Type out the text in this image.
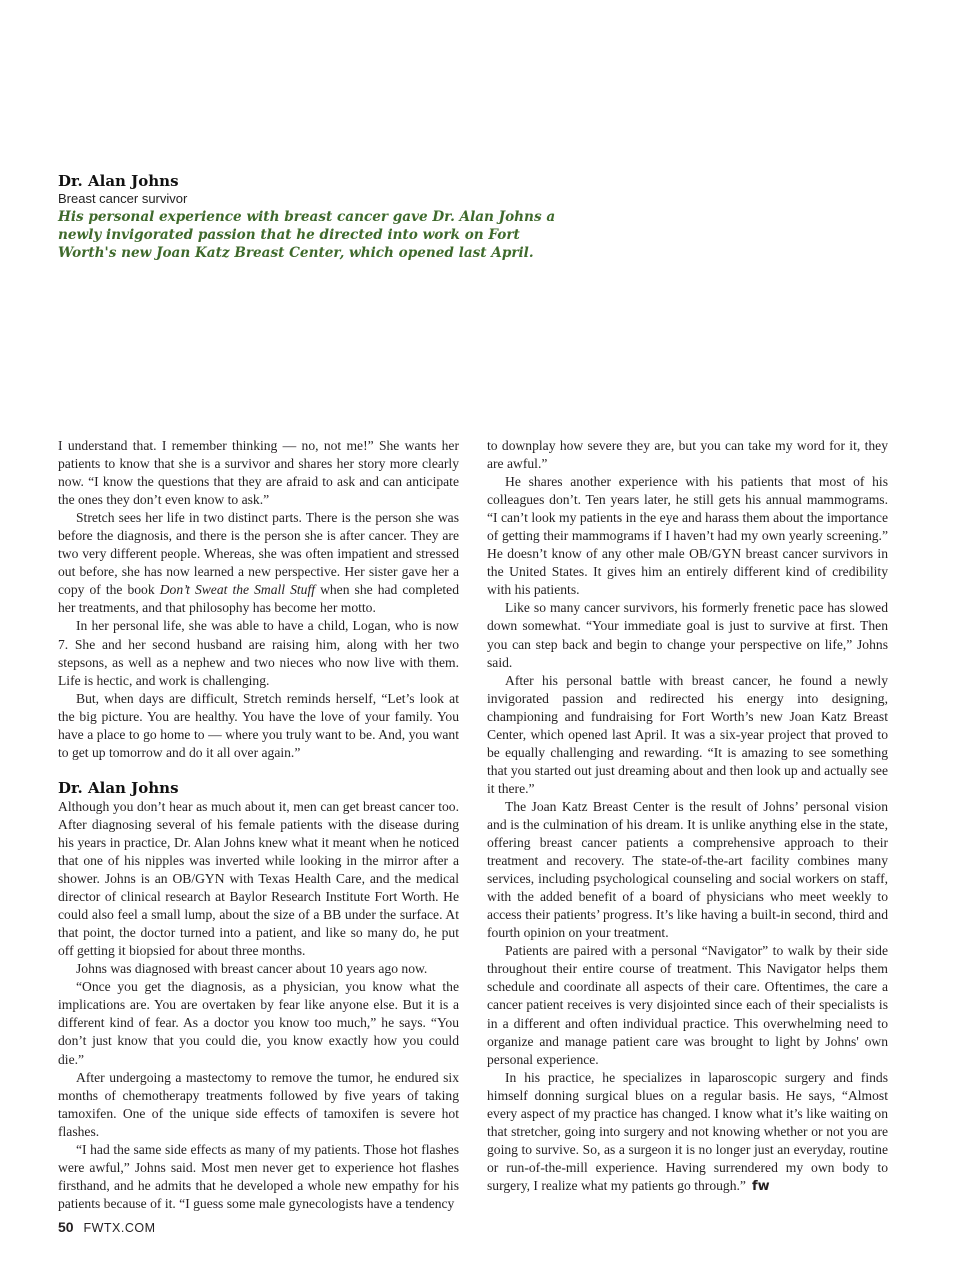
Dr. Alan Johns
Breast cancer survivor
His personal experience with breast cancer gave Dr. Alan Johns a newly invigorated passion that he directed into work on Fort Worth's new Joan Katz Breast Center, which opened last April.

I understand that. I remember thinking — no, not me!” She wants her patients to know that she is a survivor and shares her story more clearly now. “I know the questions that they are afraid to ask and can anticipate the ones they don’t even know to ask.”

Stretch sees her life in two distinct parts. There is the person she was before the diagnosis, and there is the person she is after cancer. They are two very different people. Whereas, she was often impatient and stressed out before, she has now learned a new perspective. Her sister gave her a copy of the book Don’t Sweat the Small Stuff when she had completed her treatments, and that philosophy has become her motto.

In her personal life, she was able to have a child, Logan, who is now 7. She and her second husband are raising him, along with her two stepsons, as well as a nephew and two nieces who now live with them. Life is hectic, and work is challenging.

But, when days are difficult, Stretch reminds herself, “Let’s look at the big picture. You are healthy. You have the love of your family. You have a place to go home to — where you truly want to be. And, you want to get up tomorrow and do it all over again.”

Dr. Alan Johns

Although you don’t hear as much about it, men can get breast cancer too. After diagnosing several of his female patients with the disease during his years in practice, Dr. Alan Johns knew what it meant when he noticed that one of his nipples was inverted while looking in the mirror after a shower. Johns is an OB/GYN with Texas Health Care, and the medical director of clinical research at Baylor Research Institute Fort Worth. He could also feel a small lump, about the size of a BB under the surface. At that point, the doctor turned into a patient, and like so many do, he put off getting it biopsied for about three months.

Johns was diagnosed with breast cancer about 10 years ago now.

“Once you get the diagnosis, as a physician, you know what the implications are. You are overtaken by fear like anyone else. But it is a different kind of fear. As a doctor you know too much,” he says. “You don’t just know that you could die, you know exactly how you could die.”

After undergoing a mastectomy to remove the tumor, he endured six months of chemotherapy treatments followed by five years of taking tamoxifen. One of the unique side effects of tamoxifen is severe hot flashes.

“I had the same side effects as many of my patients. Those hot flashes were awful,” Johns said. Most men never get to experience hot flashes firsthand, and he admits that he developed a whole new empathy for his patients because of it. “I guess some male gynecologists have a tendency

to downplay how severe they are, but you can take my word for it, they are awful.”

He shares another experience with his patients that most of his colleagues don’t. Ten years later, he still gets his annual mammograms. “I can’t look my patients in the eye and harass them about the importance of getting their mammograms if I haven’t had my own yearly screening.” He doesn’t know of any other male OB/GYN breast cancer survivors in the United States. It gives him an entirely different kind of credibility with his patients.

Like so many cancer survivors, his formerly frenetic pace has slowed down somewhat. “Your immediate goal is just to survive at first. Then you can step back and begin to change your perspective on life,” Johns said.

After his personal battle with breast cancer, he found a newly invigorated passion and redirected his energy into designing, championing and fundraising for Fort Worth’s new Joan Katz Breast Center, which opened last April. It was a six-year project that proved to be equally challenging and rewarding. “It is amazing to see something that you started out just dreaming about and then look up and actually see it there.”

The Joan Katz Breast Center is the result of Johns’ personal vision and is the culmination of his dream. It is unlike anything else in the state, offering breast cancer patients a comprehensive approach to their treatment and recovery. The state-of-the-art facility combines many services, including psychological counseling and social workers on staff, with the added benefit of a board of physicians who meet weekly to access their patients’ progress. It’s like having a built-in second, third and fourth opinion on your treatment.

Patients are paired with a personal “Navigator” to walk by their side throughout their entire course of treatment. This Navigator helps them schedule and coordinate all aspects of their care. Oftentimes, the care a cancer patient receives is very disjointed since each of their specialists is in a different and often individual practice. This overwhelming need to organize and manage patient care was brought to light by Johns' own personal experience.

In his practice, he specializes in laparoscopic surgery and finds himself donning surgical blues on a regular basis. He says, “Almost every aspect of my practice has changed. I know what it’s like waiting on that stretcher, going into surgery and not knowing whether or not you are going to survive. So, as a surgeon it is no longer just an everyday, routine or run-of-the-mill experience. Having surrendered my own body to surgery, I realize what my patients go through.” fw

50 FWTX.COM
